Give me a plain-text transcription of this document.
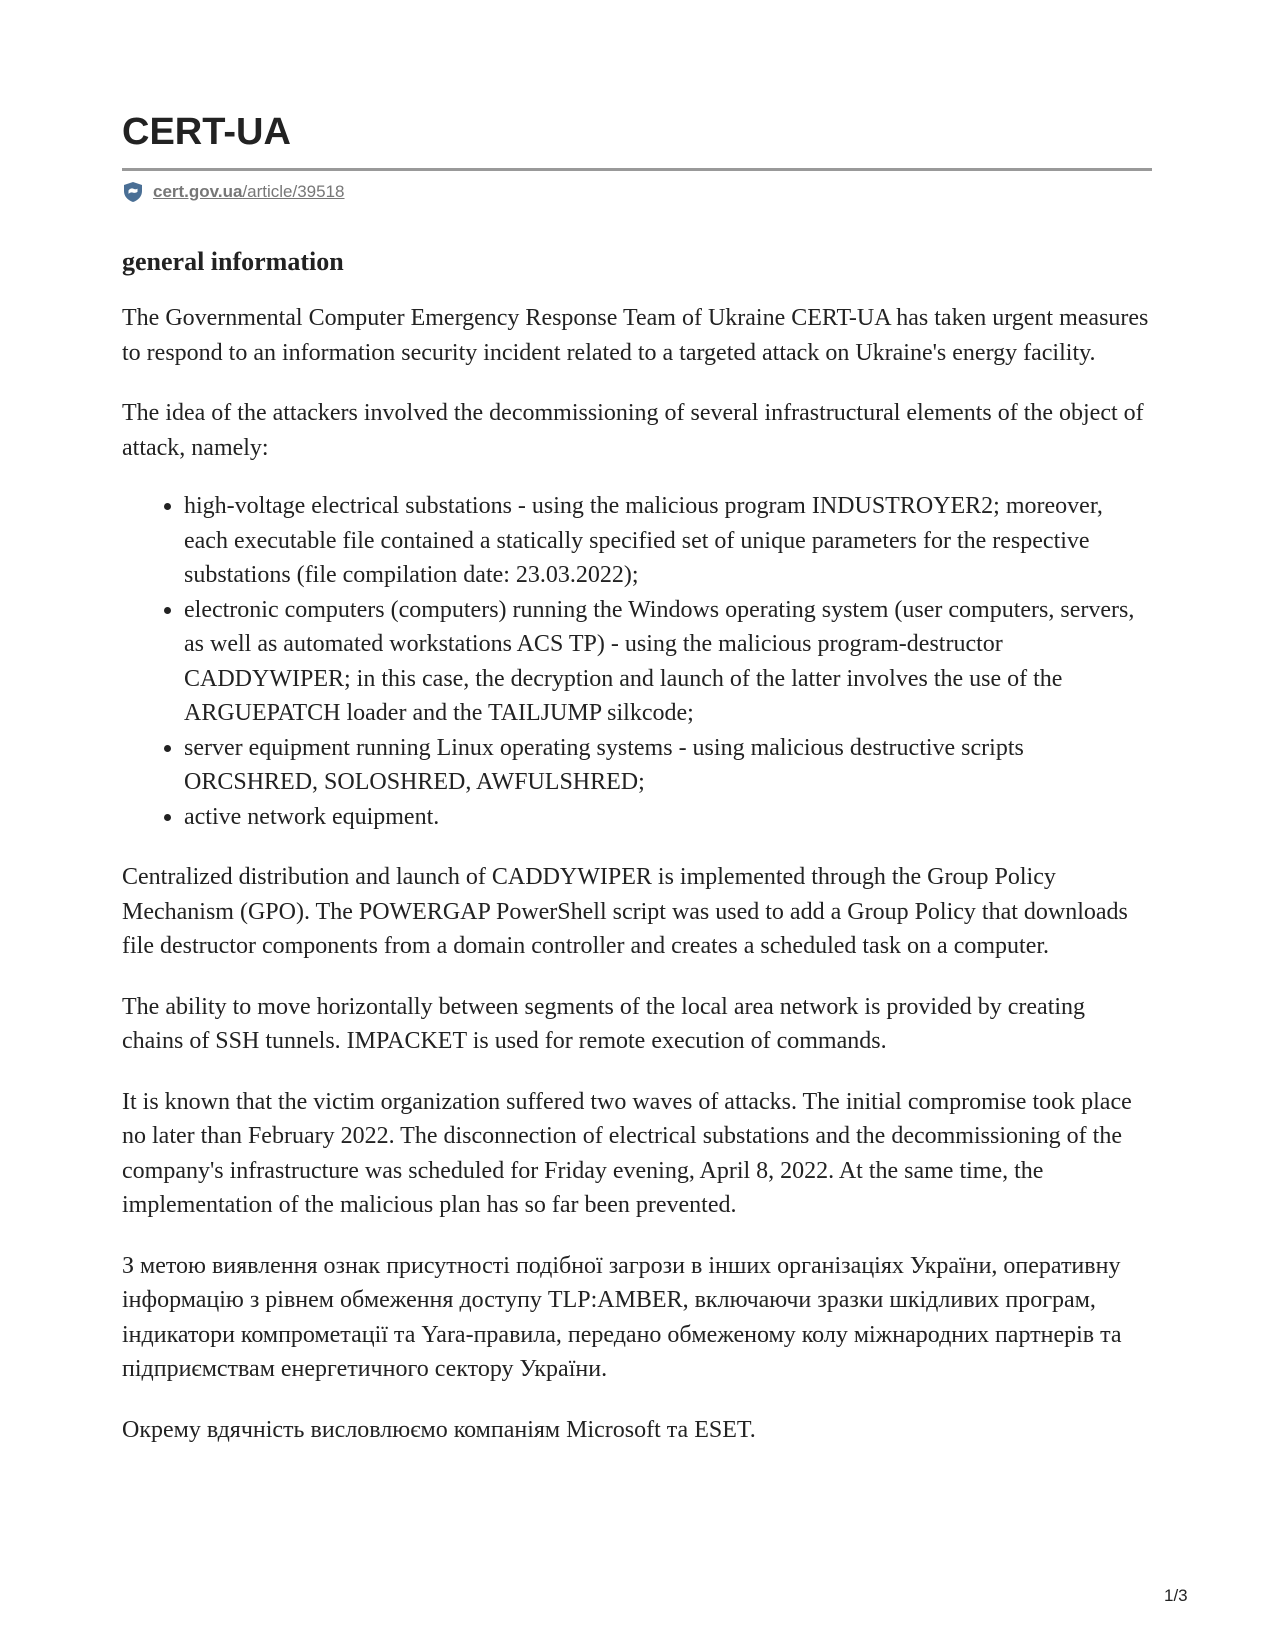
CERT-UA
cert.gov.ua/article/39518
general information

The Governmental Computer Emergency Response Team of Ukraine CERT-UA has taken urgent measures to respond to an information security incident related to a targeted attack on Ukraine's energy facility.

The idea of the attackers involved the decommissioning of several infrastructural elements of the object of attack, namely:

• high-voltage electrical substations - using the malicious program INDUSTROYER2; moreover, each executable file contained a statically specified set of unique parameters for the respective substations (file compilation date: 23.03.2022);
• electronic computers (computers) running the Windows operating system (user computers, servers, as well as automated workstations ACS TP) - using the malicious program-destructor CADDYWIPER; in this case, the decryption and launch of the latter involves the use of the ARGUEPATCH loader and the TAILJUMP silkcode;
• server equipment running Linux operating systems - using malicious destructive scripts ORCSHRED, SOLOSHRED, AWFULSHRED;
• active network equipment.

Centralized distribution and launch of CADDYWIPER is implemented through the Group Policy Mechanism (GPO). The POWERGAP PowerShell script was used to add a Group Policy that downloads file destructor components from a domain controller and creates a scheduled task on a computer.

The ability to move horizontally between segments of the local area network is provided by creating chains of SSH tunnels. IMPACKET is used for remote execution of commands.

It is known that the victim organization suffered two waves of attacks. The initial compromise took place no later than February 2022. The disconnection of electrical substations and the decommissioning of the company's infrastructure was scheduled for Friday evening, April 8, 2022. At the same time, the implementation of the malicious plan has so far been prevented.

З метою виявлення ознак присутності подібної загрози в інших організаціях України, оперативну інформацію з рівнем обмеження доступу TLP:AMBER, включаючи зразки шкідливих програм, індикатори компрометації та Yara-правила, передано обмеженому колу міжнародних партнерів та підприємствам енергетичного сектору України.

Окрему вдячність висловлюємо компаніям Microsoft та ESET.

1/3
